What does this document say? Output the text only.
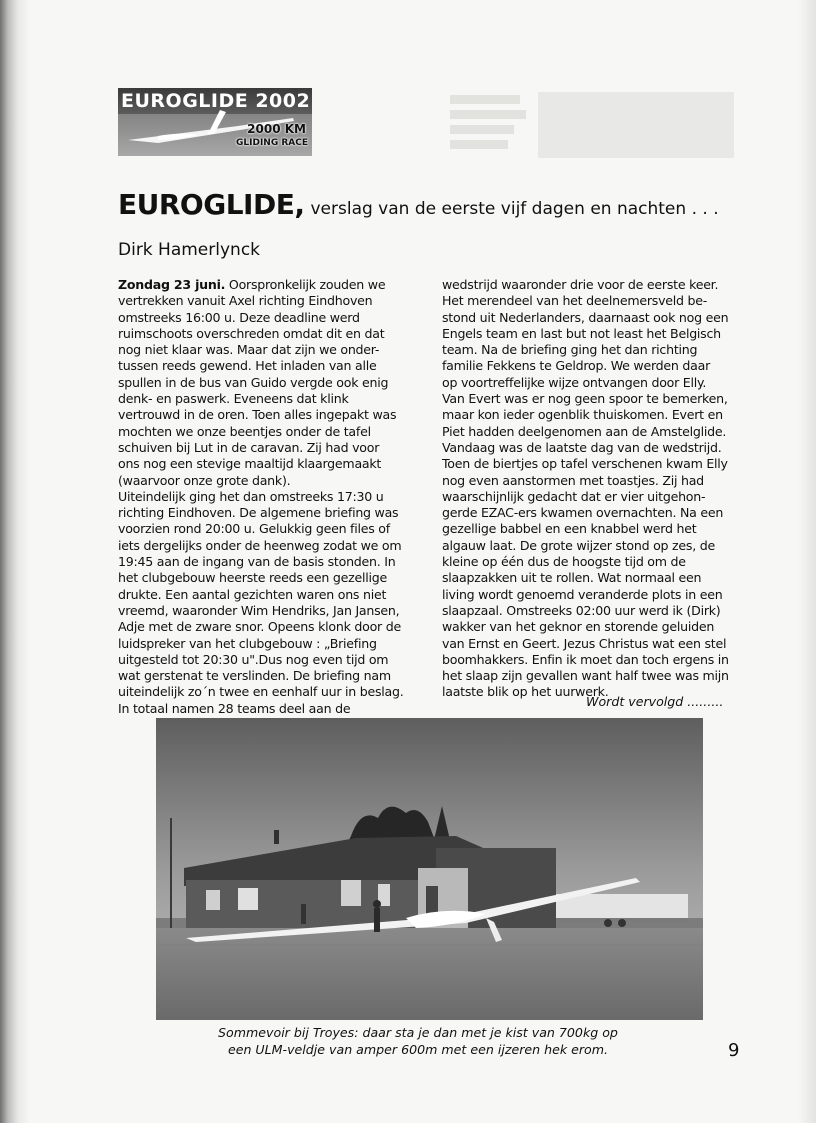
EUROGLIDE 2002
2000 KM
GLIDING RACE
EUROGLIDE, verslag van de eerste vijf dagen en nachten . . .
Dirk Hamerlynck
Zondag 23 juni. Oorspronkelijk zouden we
vertrekken vanuit Axel richting Eindhoven
omstreeks 16:00 u. Deze deadline werd
ruimschoots overschreden omdat dit en dat
nog niet klaar was. Maar dat zijn we onder-
tussen reeds gewend. Het inladen van alle
spullen in de bus van Guido vergde ook enig
denk- en paswerk. Eveneens dat klink
vertrouwd in de oren. Toen alles ingepakt was
mochten we onze beentjes onder de tafel
schuiven bij Lut in de caravan. Zij had voor
ons nog een stevige maaltijd klaargemaakt
(waarvoor onze grote dank).
Uiteindelijk ging het dan omstreeks 17:30 u
richting Eindhoven. De algemene briefing was
voorzien rond 20:00 u. Gelukkig geen files of
iets dergelijks onder de heenweg zodat we om
19:45 aan de ingang van de basis stonden. In
het clubgebouw heerste reeds een gezellige
drukte. Een aantal gezichten waren ons niet
vreemd, waaronder Wim Hendriks, Jan Jansen,
Adje met de zware snor. Opeens klonk door de
luidspreker van het clubgebouw : „Briefing
uitgesteld tot 20:30 u".Dus nog even tijd om
wat gerstenat te verslinden. De briefing nam
uiteindelijk zo´n twee en eenhalf uur in beslag.
In totaal namen 28 teams deel aan de
wedstrijd waaronder drie voor de eerste keer.
Het merendeel van het deelnemersveld be-
stond uit Nederlanders, daarnaast ook nog een
Engels team en last but not least het Belgisch
team. Na de briefing ging het dan richting
familie Fekkens te Geldrop. We werden daar
op voortreffelijke wijze ontvangen door Elly.
Van Evert was er nog geen spoor te bemerken,
maar kon ieder ogenblik thuiskomen. Evert en
Piet hadden deelgenomen aan de Amstelglide.
Vandaag was de laatste dag van de wedstrijd.
Toen de biertjes op tafel verschenen kwam Elly
nog even aanstormen met toastjes. Zij had
waarschijnlijk gedacht dat er vier uitgehon-
gerde EZAC-ers kwamen overnachten. Na een
gezellige babbel en een knabbel werd het
algauw laat. De grote wijzer stond op zes, de
kleine op één dus de hoogste tijd om de
slaapzakken uit te rollen. Wat normaal een
living wordt genoemd veranderde plots in een
slaapzaal. Omstreeks 02:00 uur werd ik (Dirk)
wakker van het geknor en storende geluiden
van Ernst en Geert. Jezus Christus wat een stel
boomhakkers. Enfin ik moet dan toch ergens in
het slaap zijn gevallen want half twee was mijn
laatste blik op het uurwerk.
Wordt vervolgd .........
Sommevoir bij Troyes: daar sta je dan met je kist van 700kg op
een ULM-veldje van amper 600m met een ijzeren hek erom.	9
